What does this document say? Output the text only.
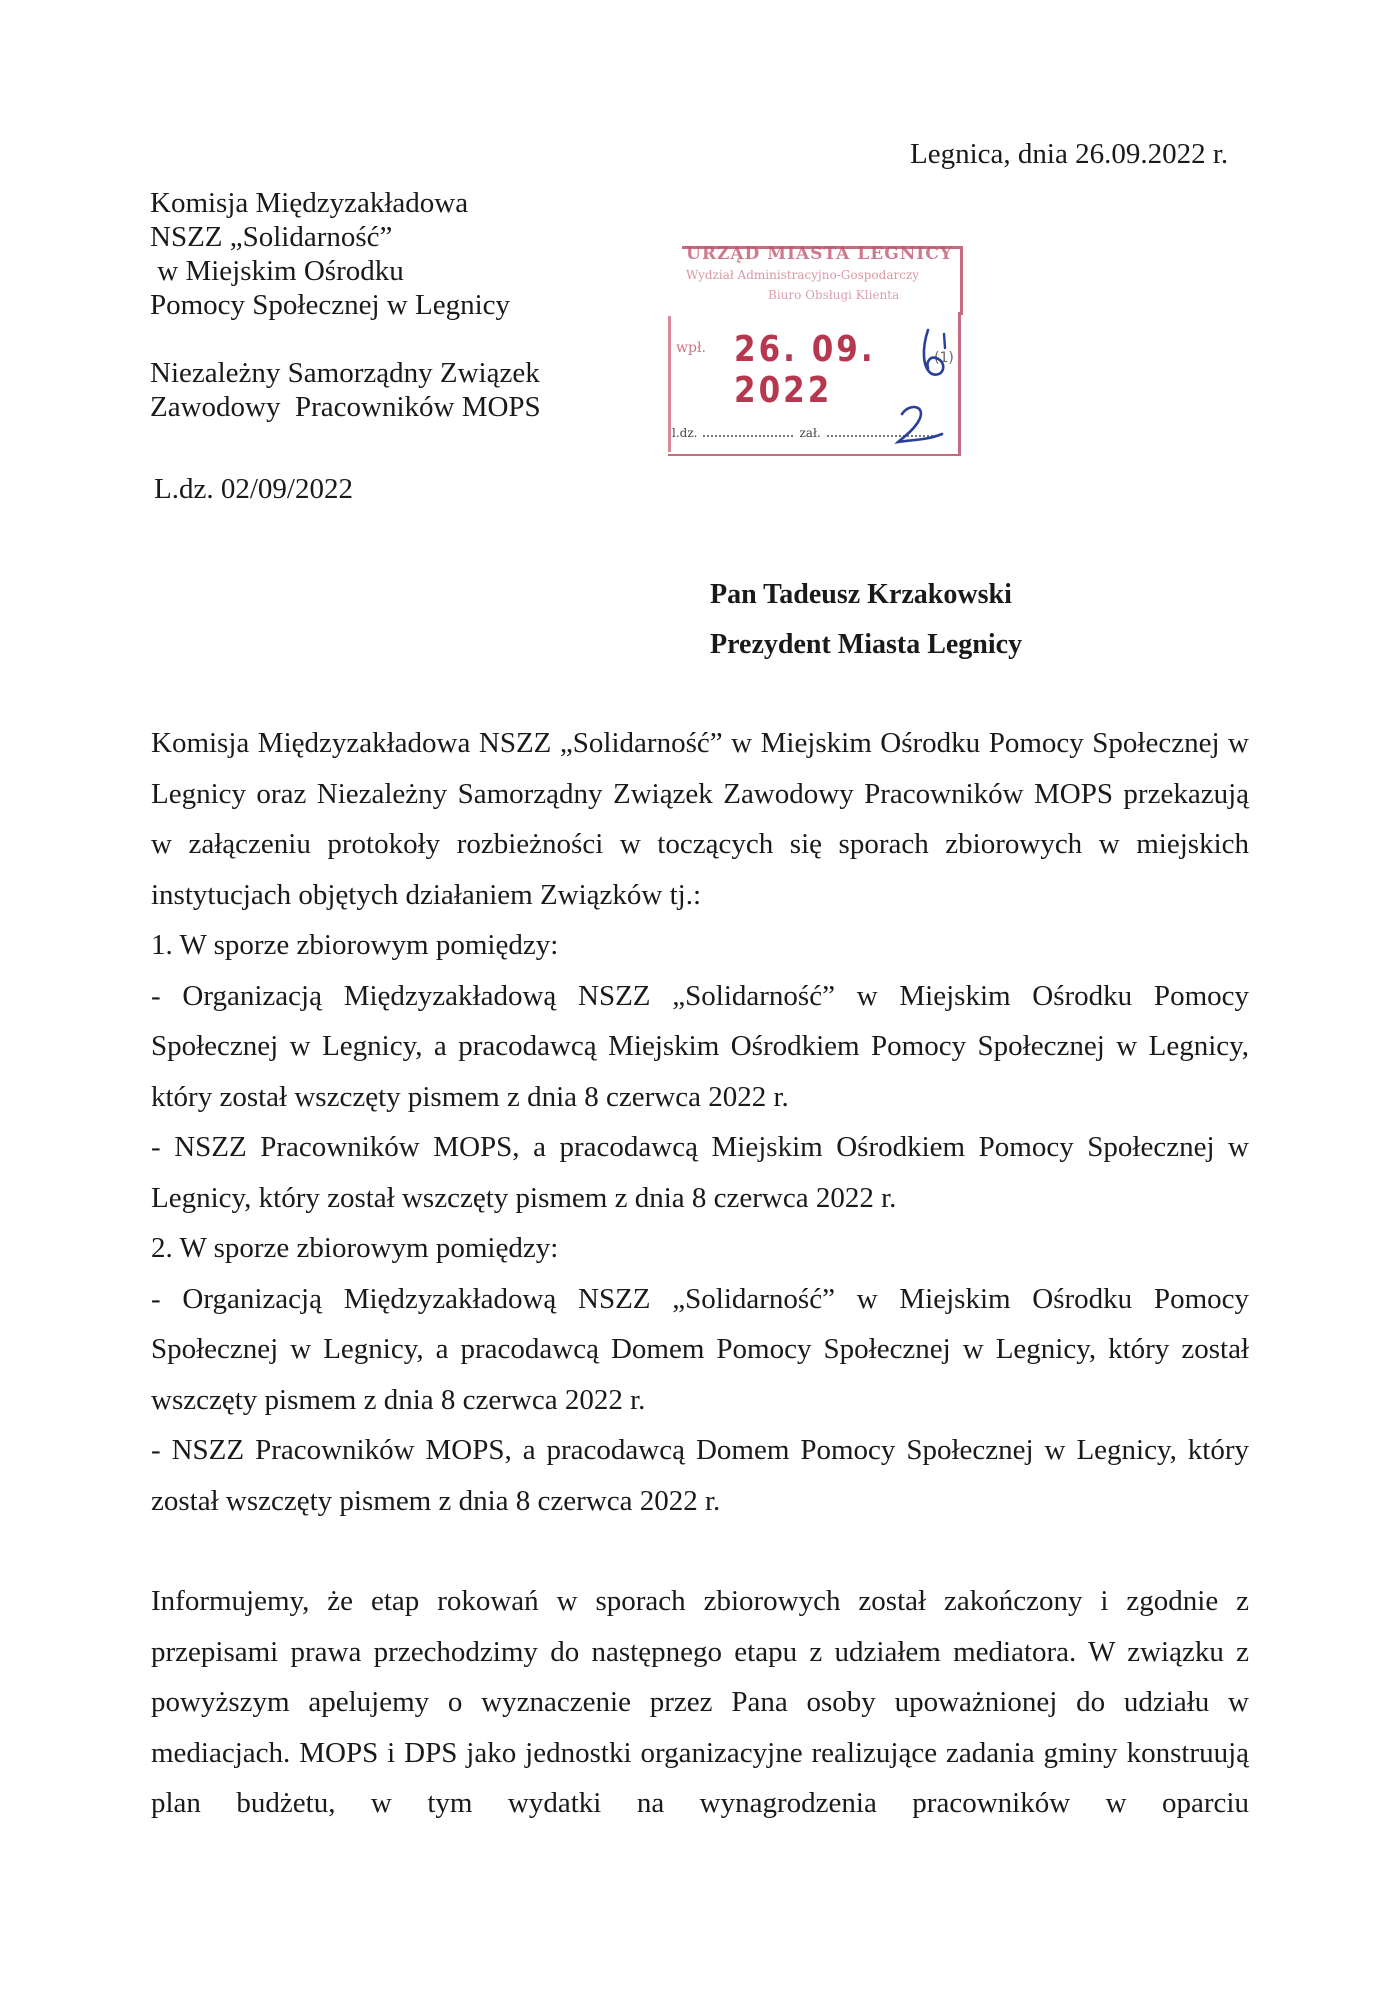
Legnica, dnia 26.09.2022 r.
Komisja Międzyzakładowa
NSZZ „Solidarność”
w Miejskim Ośrodku
Pomocy Społecznej w Legnicy
Niezależny Samorządny Związek
Zawodowy  Pracowników MOPS
L.dz. 02/09/2022
URZĄD MIASTA LEGNICY
Wydział Administracyjno-Gospodarczy
Biuro Obsługi Klienta
wpł. 26. 09. 2022
(1)
l.dz.	zał.
Pan Tadeusz Krzakowski
Prezydent Miasta Legnicy

Komisja Międzyzakładowa NSZZ „Solidarność” w Miejskim Ośrodku Pomocy Społecznej w Legnicy oraz Niezależny Samorządny Związek Zawodowy Pracowników MOPS przekazują w załączeniu protokoły rozbieżności w toczących się sporach zbiorowych w miejskich instytucjach objętych działaniem Związków tj.:

1. W sporze zbiorowym pomiędzy:

- Organizacją Międzyzakładową NSZZ „Solidarność” w Miejskim Ośrodku Pomocy Społecznej w Legnicy, a pracodawcą Miejskim Ośrodkiem Pomocy Społecznej w Legnicy, który został wszczęty pismem z dnia 8 czerwca 2022 r.

- NSZZ Pracowników MOPS, a pracodawcą Miejskim Ośrodkiem Pomocy Społecznej w Legnicy, który został wszczęty pismem z dnia 8 czerwca 2022 r.

2. W sporze zbiorowym pomiędzy:

- Organizacją Międzyzakładową NSZZ „Solidarność” w Miejskim Ośrodku Pomocy Społecznej w Legnicy, a pracodawcą Domem Pomocy Społecznej w Legnicy, który został wszczęty pismem z dnia 8 czerwca 2022 r.

- NSZZ Pracowników MOPS, a pracodawcą Domem Pomocy Społecznej w Legnicy, który został wszczęty pismem z dnia 8 czerwca 2022 r.

Informujemy, że etap rokowań w sporach zbiorowych został zakończony i zgodnie z przepisami prawa przechodzimy do następnego etapu z udziałem mediatora. W związku z powyższym apelujemy o wyznaczenie przez Pana osoby upoważnionej do udziału w mediacjach. MOPS i DPS jako jednostki organizacyjne realizujące zadania gminy konstruują plan budżetu, w tym wydatki na wynagrodzenia pracowników w oparciu
